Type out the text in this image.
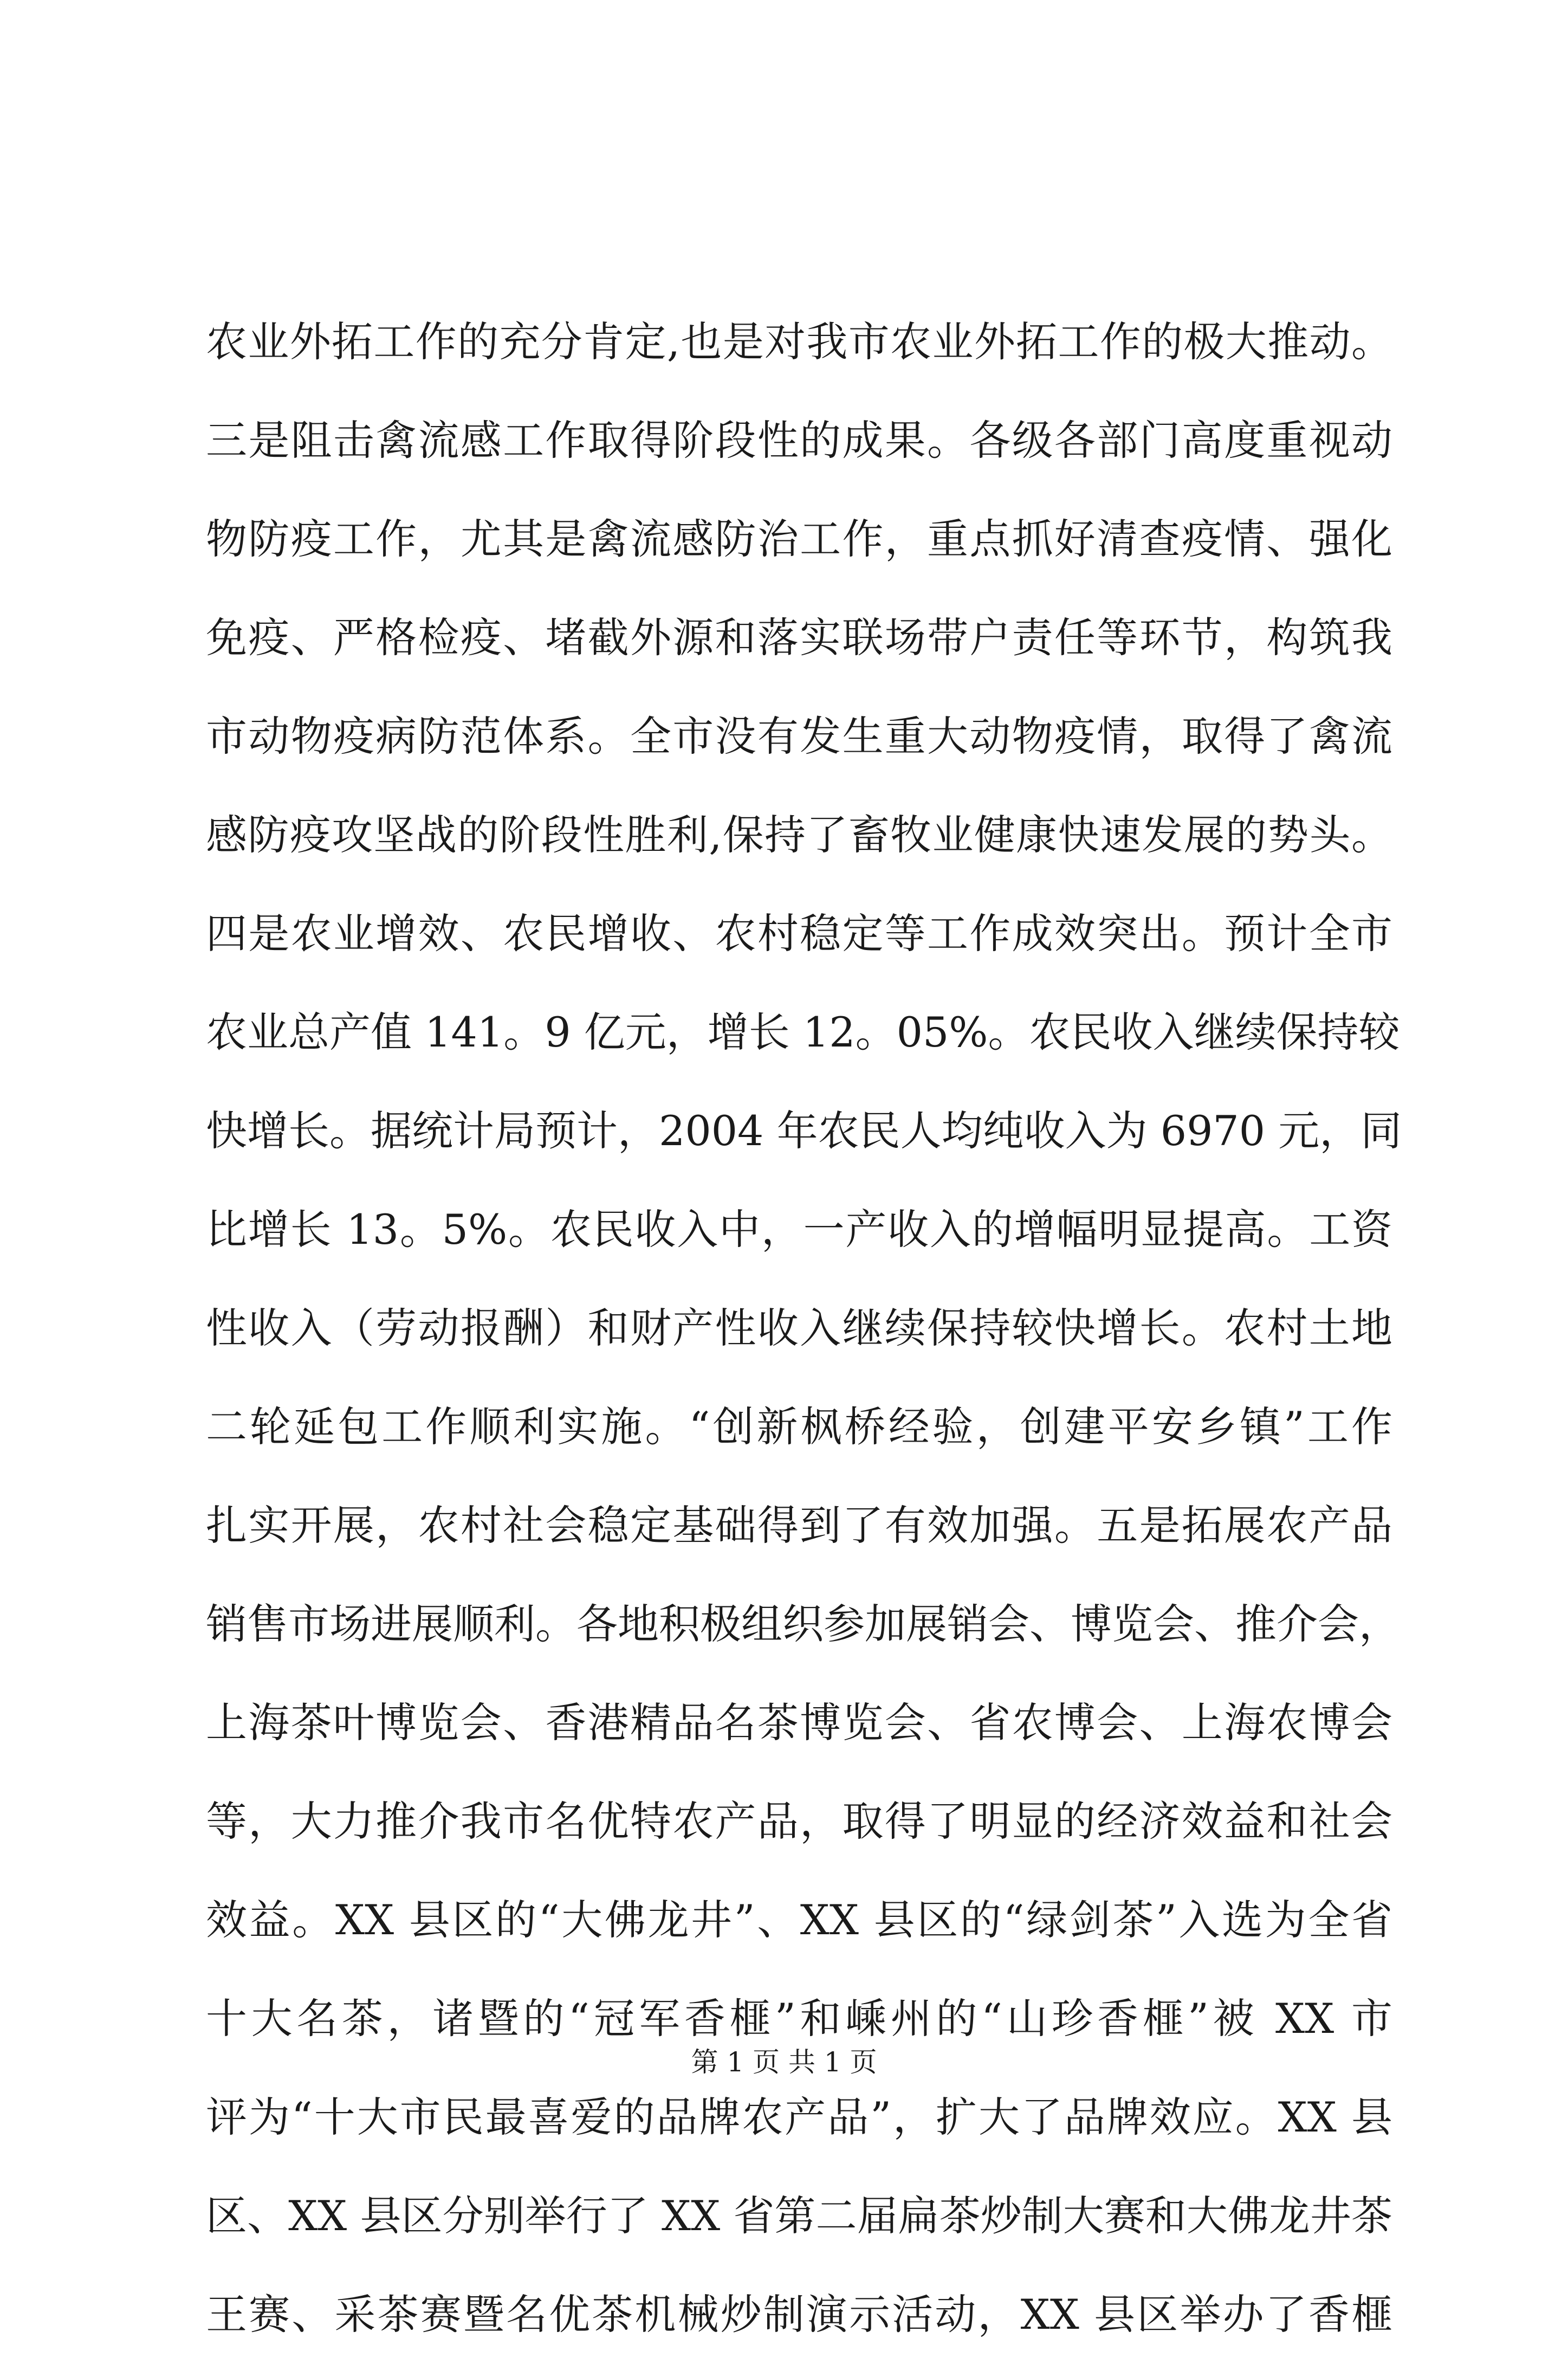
农业外拓工作的充分肯定,也是对我市农业外拓工作的极大推动。
三是阻击禽流感工作取得阶段性的成果。各级各部门高度重视动
物防疫工作，尤其是禽流感防治工作，重点抓好清查疫情、强化
免疫、严格检疫、堵截外源和落实联场带户责任等环节，构筑我
市动物疫病防范体系。全市没有发生重大动物疫情，取得了禽流
感防疫攻坚战的阶段性胜利,保持了畜牧业健康快速发展的势头。
四是农业增效、农民增收、农村稳定等工作成效突出。预计全市
农业总产值 141。9 亿元，增长 12。05%。农民收入继续保持较
快增长。据统计局预计，2004 年农民人均纯收入为 6970 元，同
比增长 13。5%。农民收入中，一产收入的增幅明显提高。工资
性收入（劳动报酬）和财产性收入继续保持较快增长。农村土地
二轮延包工作顺利实施。“创新枫桥经验，创建平安乡镇”工作
扎实开展，农村社会稳定基础得到了有效加强。五是拓展农产品
销售市场进展顺利。各地积极组织参加展销会、博览会、推介会，
上海茶叶博览会、香港精品名茶博览会、省农博会、上海农博会
等，大力推介我市名优特农产品，取得了明显的经济效益和社会
效益。XX 县区的“大佛龙井”、XX 县区的“绿剑茶”入选为全省
十大名茶，诸暨的“冠军香榧”和嵊州的“山珍香榧”被 XX 市
评为“十大市民最喜爱的品牌农产品”，扩大了品牌效应。XX 县
区、XX 县区分别举行了 XX 省第二届扁茶炒制大赛和大佛龙井茶
王赛、采茶赛暨名优茶机械炒制演示活动，XX 县区举办了香榧
第 1 页 共 1 页
